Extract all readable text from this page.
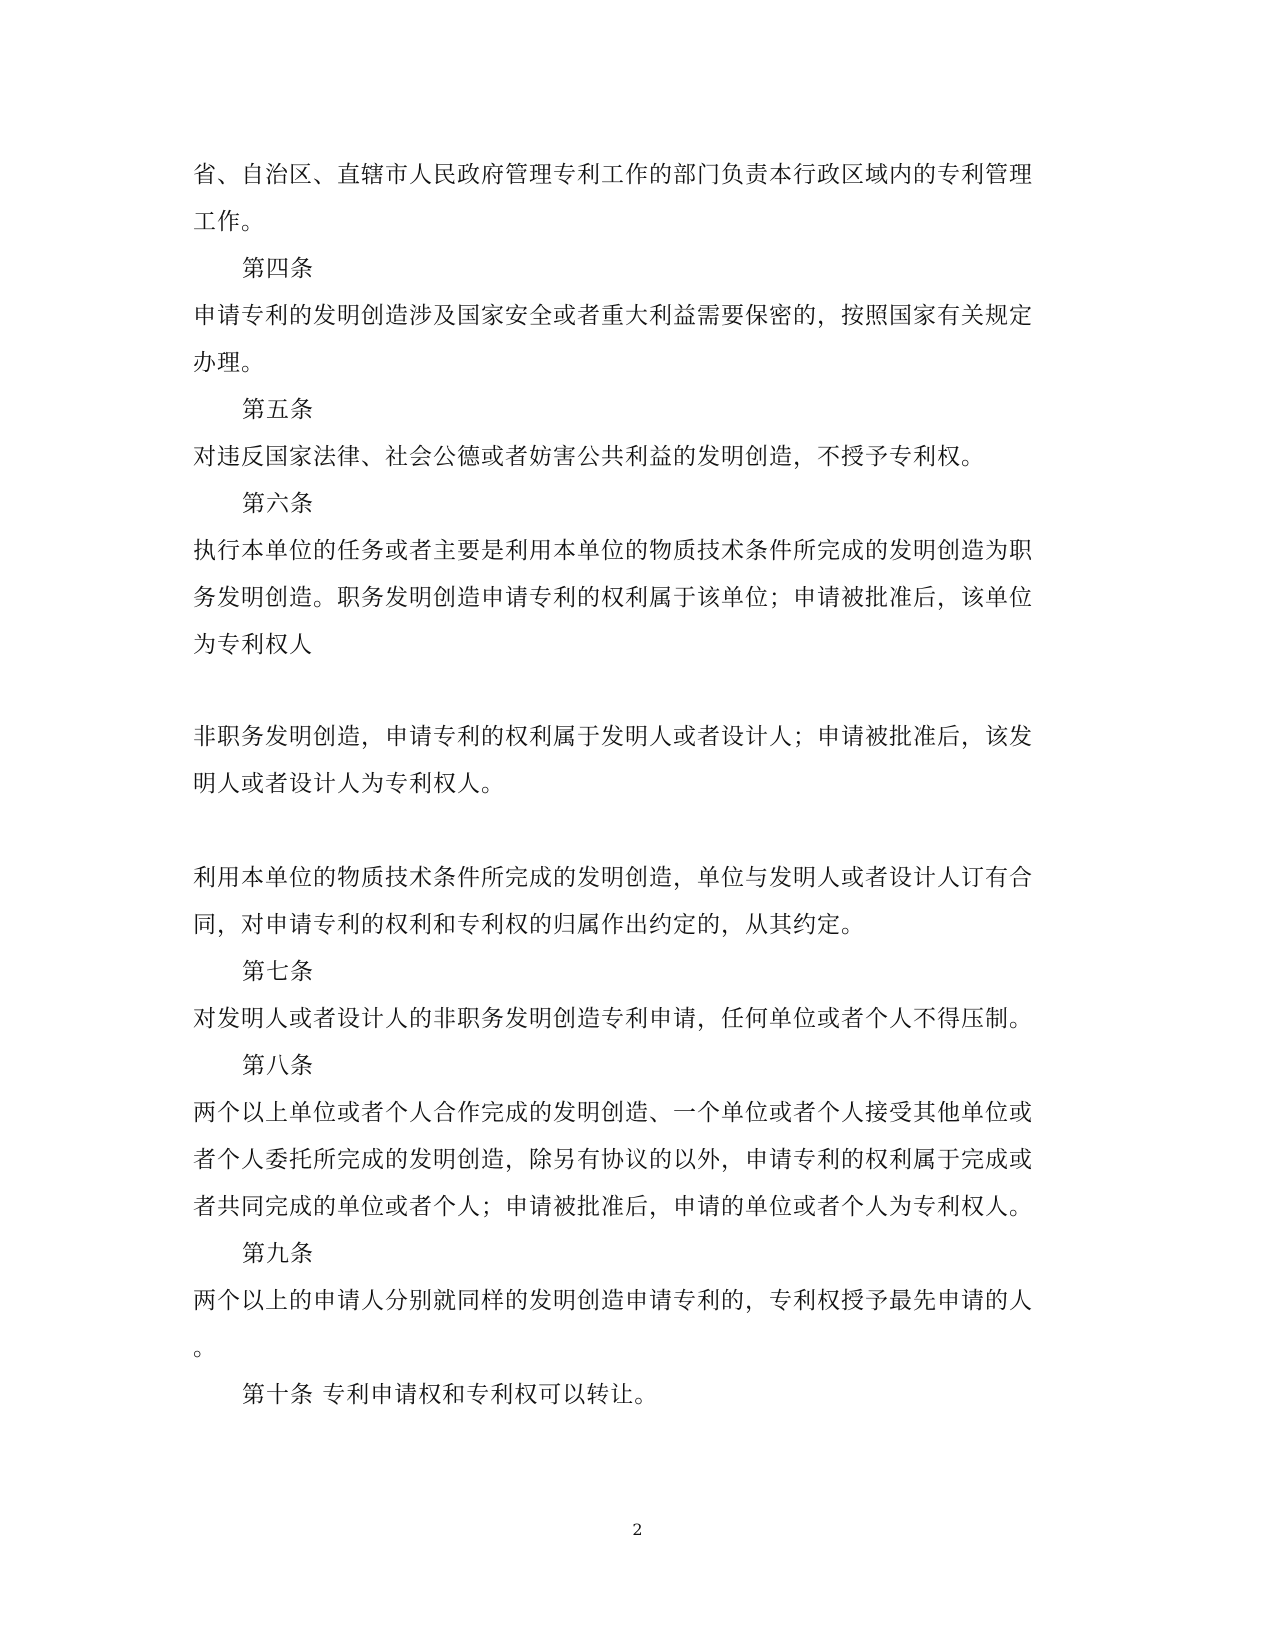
省、自治区、直辖市人民政府管理专利工作的部门负责本行政区域内的专利管理
工作。
第四条
申请专利的发明创造涉及国家安全或者重大利益需要保密的，按照国家有关规定
办理。
第五条
对违反国家法律、社会公德或者妨害公共利益的发明创造，不授予专利权。
第六条
执行本单位的任务或者主要是利用本单位的物质技术条件所完成的发明创造为职
务发明创造。职务发明创造申请专利的权利属于该单位；申请被批准后，该单位
为专利权人
非职务发明创造，申请专利的权利属于发明人或者设计人；申请被批准后，该发
明人或者设计人为专利权人。
利用本单位的物质技术条件所完成的发明创造，单位与发明人或者设计人订有合
同，对申请专利的权利和专利权的归属作出约定的，从其约定。
第七条
对发明人或者设计人的非职务发明创造专利申请，任何单位或者个人不得压制。
第八条
两个以上单位或者个人合作完成的发明创造、一个单位或者个人接受其他单位或
者个人委托所完成的发明创造，除另有协议的以外，申请专利的权利属于完成或
者共同完成的单位或者个人；申请被批准后，申请的单位或者个人为专利权人。
第九条
两个以上的申请人分别就同样的发明创造申请专利的，专利权授予最先申请的人
。
第十条 专利申请权和专利权可以转让。
2
